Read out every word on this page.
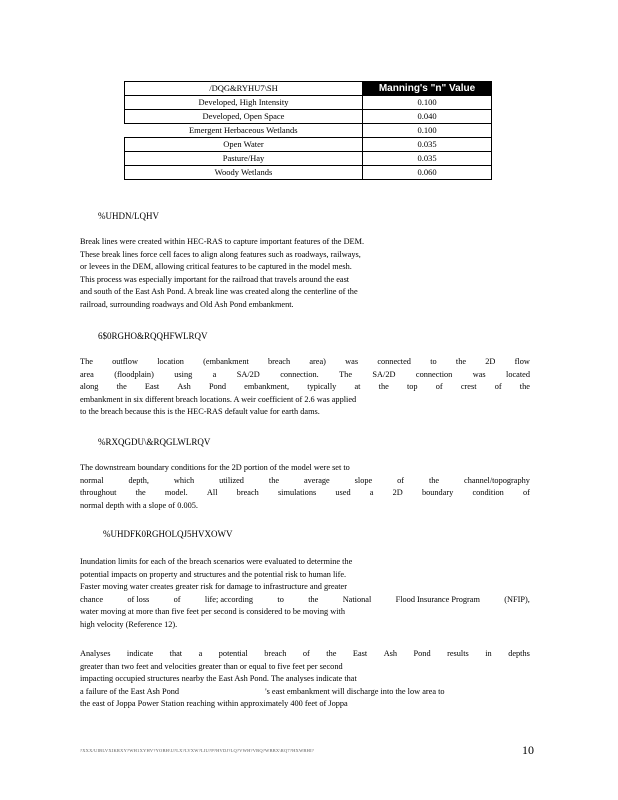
/DQG&RYHU7\SH	Manning's "n" Value
Developed, High Intensity	0.100
Developed, Open Space	0.040
Emergent Herbaceous Wetlands	0.100
Open Water	0.035
Pasture/Hay	0.035
Woody Wetlands	0.060
%UHDN/LQHV

Break lines were created within HEC-RAS to capture important features of the DEM.

These break lines force cell faces to align along features such as roadways, railways,

or levees in the DEM, allowing critical features to be captured in the model mesh.

This process was especially important for the railroad that travels around the east

and south of the East Ash Pond. A break line was created along the centerline of the

railroad, surrounding roadways and Old Ash Pond embankment.

6$0RGHO&RQQHFWLRQV
The outflow location (embankment breach area) was connected to the 2D flow
area (floodplain) using a SA/2D connection. The SA/2D connection was located
along the East Ash Pond embankment, typically at the top of crest of the

embankment in six different breach locations. A weir coefficient of 2.6 was applied

to the breach because this is the HEC-RAS default value for earth dams.

%RXQGDU\&RQGLWLRQV

The downstream boundary conditions for the 2D portion of the model were set to

normal	depth,	which	utilized	the	average	slope	of	the	channel/topography
throughout the model. All breach simulations used a 2D boundary condition of

normal depth with a slope of 0.005.

%UHDFK0RGHOLQJ5HVXOWV

Inundation limits for each of the breach scenarios were evaluated to determine the

potential impacts on property and structures and the potential risk to human life.

Faster moving water creates greater risk for damage to infrastructure and greater

chance	of loss	of	life; according	to	the	National	Flood Insurance Program	(NFIP),

water moving at more than five feet per second is considered to be moving with

high velocity (Reference 12).

Analyses indicate that a potential breach of the East Ash Pond results in depths

greater than two feet and velocities greater than or equal to five feet per second

impacting occupied structures nearby the East Ash Pond. The analyses indicate that

a failure of the East Ash Pond	's east embankment will discharge into the low area to

the east of Joppa Power Station reaching within approximately 400 feet of Joppa

?XXX/UIBLVXIKRXY?WH1XYHV?YOBH\U?LX?LVXW?LIU?P?HVDJ?LQ?VWH?VBQ?WBBX\RQ7?HXWBHI?	10
